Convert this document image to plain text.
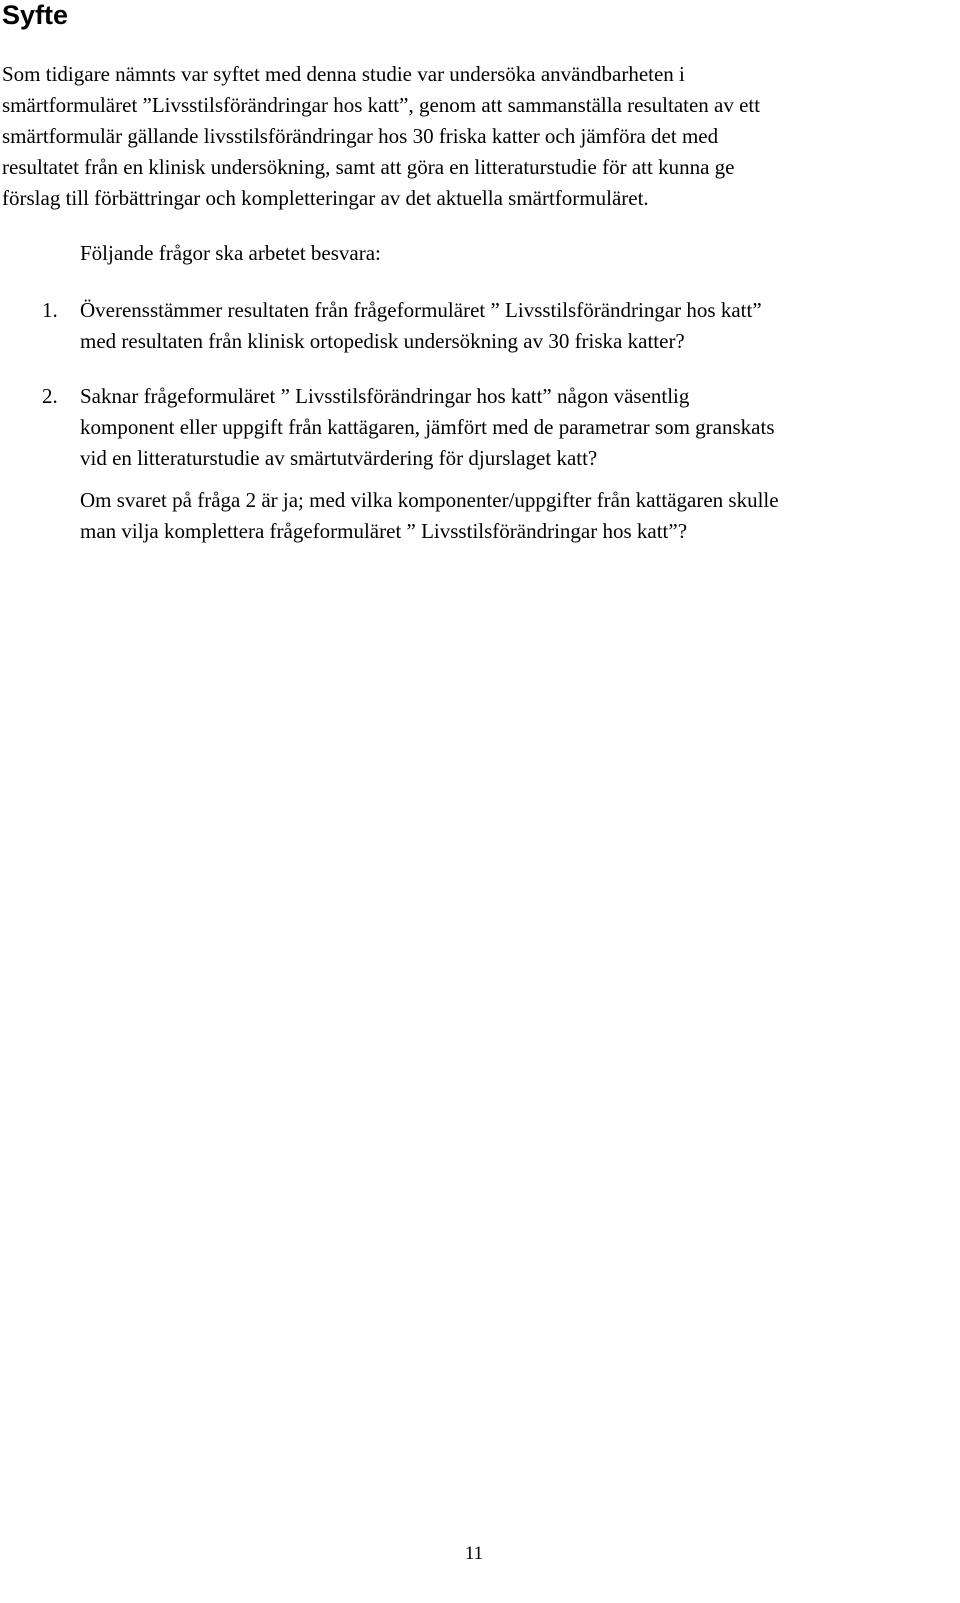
Syfte
Som tidigare nämnts var syftet med denna studie var undersöka användbarheten i
smärtformuläret ”Livsstilsförändringar hos katt”, genom att sammanställa resultaten av ett
smärtformulär gällande livsstilsförändringar hos 30 friska katter och jämföra det med
resultatet från en klinisk undersökning, samt att göra en litteraturstudie för att kunna ge
förslag till förbättringar och kompletteringar av det aktuella smärtformuläret.
Följande frågor ska arbetet besvara:
1. Överensstämmer resultaten från frågeformuläret ” Livsstilsförändringar hos katt”
med resultaten från klinisk ortopedisk undersökning av 30 friska katter?
2. Saknar frågeformuläret ” Livsstilsförändringar hos katt” någon väsentlig
komponent eller uppgift från kattägaren, jämfört med de parametrar som granskats
vid en litteraturstudie av smärtutvärdering för djurslaget katt?
Om svaret på fråga 2 är ja; med vilka komponenter/uppgifter från kattägaren skulle
man vilja komplettera frågeformuläret ” Livsstilsförändringar hos katt”?
11
